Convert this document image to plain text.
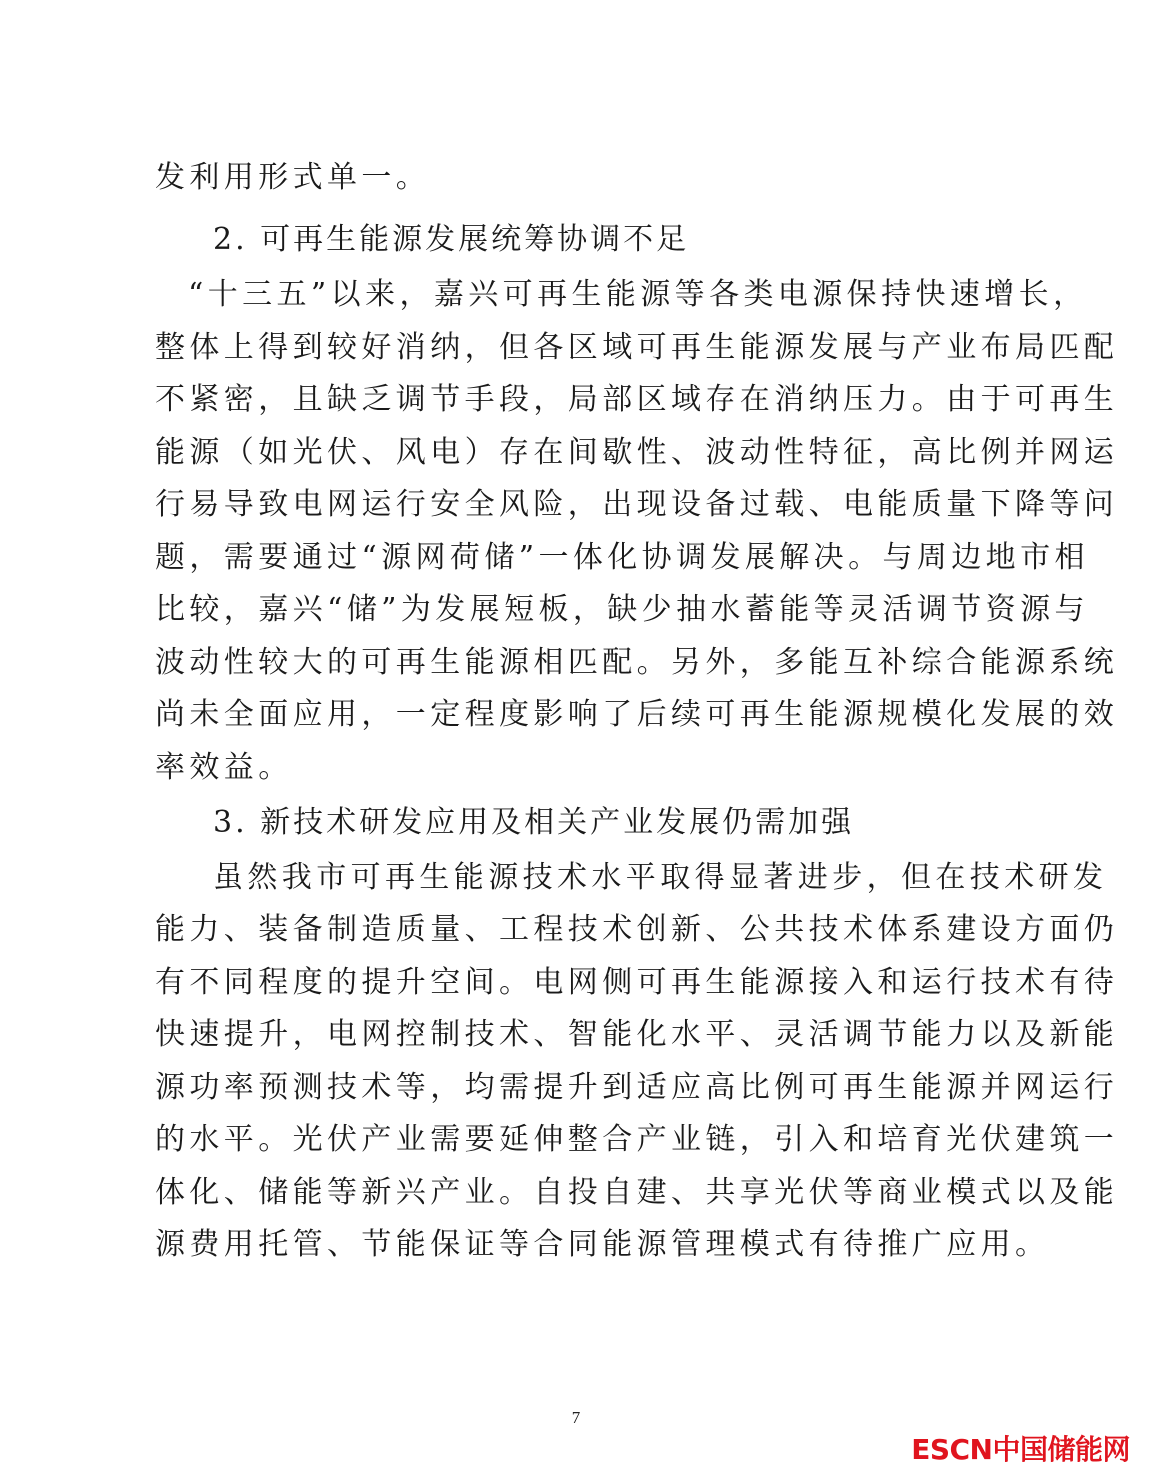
发利用形式单一。
2. 可再生能源发展统筹协调不足
“十三五”以来，嘉兴可再生能源等各类电源保持快速增长，
整体上得到较好消纳，但各区域可再生能源发展与产业布局匹配
不紧密，且缺乏调节手段，局部区域存在消纳压力。由于可再生
能源（如光伏、风电）存在间歇性、波动性特征，高比例并网运
行易导致电网运行安全风险，出现设备过载、电能质量下降等问
题，需要通过“源网荷储”一体化协调发展解决。与周边地市相
比较，嘉兴“储”为发展短板，缺少抽水蓄能等灵活调节资源与
波动性较大的可再生能源相匹配。另外，多能互补综合能源系统
尚未全面应用，一定程度影响了后续可再生能源规模化发展的效
率效益。
3. 新技术研发应用及相关产业发展仍需加强
虽然我市可再生能源技术水平取得显著进步，但在技术研发
能力、装备制造质量、工程技术创新、公共技术体系建设方面仍
有不同程度的提升空间。电网侧可再生能源接入和运行技术有待
快速提升，电网控制技术、智能化水平、灵活调节能力以及新能
源功率预测技术等，均需提升到适应高比例可再生能源并网运行
的水平。光伏产业需要延伸整合产业链，引入和培育光伏建筑一
体化、储能等新兴产业。自投自建、共享光伏等商业模式以及能
源费用托管、节能保证等合同能源管理模式有待推广应用。
7
ESCN中国储能网
